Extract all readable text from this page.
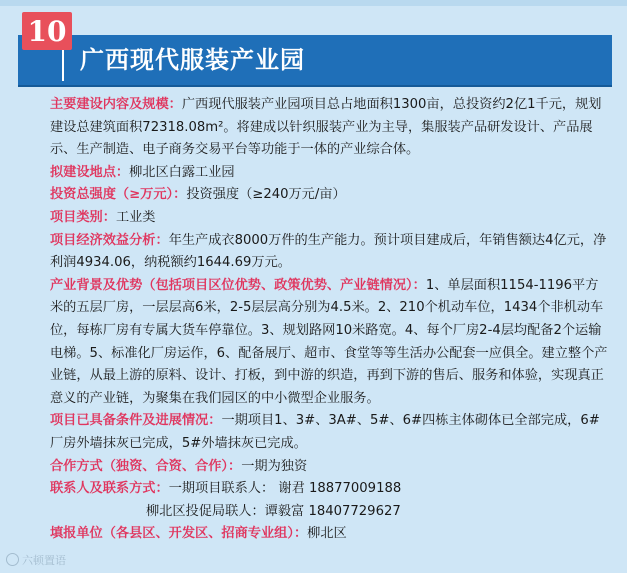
10
广西现代服装产业园

主要建设内容及规模：广西现代服装产业园项目总占地面积1300亩，总投资约2亿1千元，规划建设总建筑面积72318.08m²。将建成以针织服装产业为主导，集服装产品研发设计、产品展示、生产制造、电子商务交易平台等功能于一体的产业综合体。

拟建设地点：柳北区白露工业园

投资总强度（≥万元）：投资强度（≥240万元/亩）

项目类别：工业类

项目经济效益分析：年生产成衣8000万件的生产能力。预计项目建成后，年销售额达4亿元，净利润4934.06，纳税额约1644.69万元。

产业背景及优势（包括项目区位优势、政策优势、产业链情况）：1、单层面积1154-1196平方米的五层厂房，一层层高6米，2-5层层高分别为4.5米。2、210个机动车位，1434个非机动车位，每栋厂房有专属大货车停靠位。3、规划路网10米路宽。4、每个厂房2-4层均配备2个运输电梯。5、标准化厂房运作，6、配备展厅、超市、食堂等等生活办公配套一应俱全。建立整个产业链，从最上游的原料、设计、打板，到中游的织造，再到下游的售后、服务和体验，实现真正意义的产业链，为聚集在我们园区的中小微型企业服务。

项目已具备条件及进展情况：一期项目1、3#、3A#、5#、6#四栋主体砌体已全部完成，6#厂房外墙抹灰已完成，5#外墙抹灰已完成。

合作方式（独资、合资、合作）：一期为独资

联系人及联系方式：一期项目联系人： 谢君 18877009188

柳北区投促局联人：谭毅富 18407729627

填报单位（各县区、开发区、招商专业组）：柳北区

六顿置语
